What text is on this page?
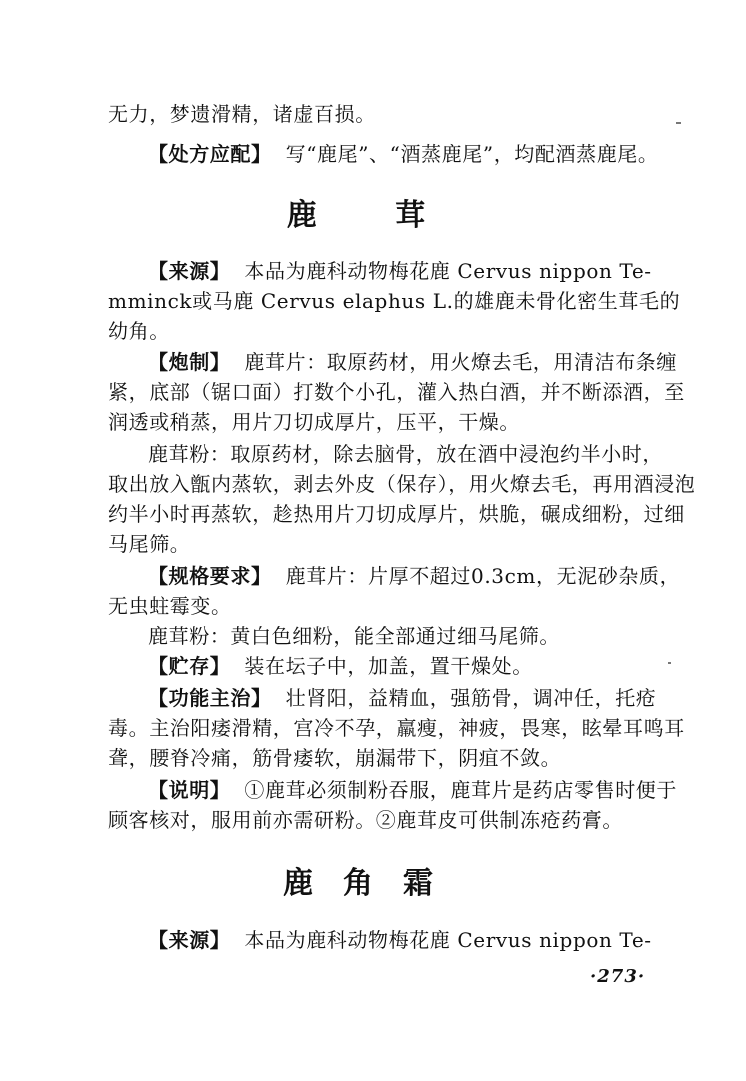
无力，梦遗滑精，诸虚百损。
【处方应配】 写“鹿尾”、“酒蒸鹿尾”，均配酒蒸鹿尾。
鹿 茸
【来源】 本品为鹿科动物梅花鹿 Cervus nippon Te-
mminck或马鹿 Cervus elaphus L.的雄鹿未骨化密生茸毛的
幼角。
【炮制】 鹿茸片：取原药材，用火燎去毛，用清洁布条缠
紧，底部（锯口面）打数个小孔，灌入热白酒，并不断添酒，至
润透或稍蒸，用片刀切成厚片，压平，干燥。
鹿茸粉：取原药材，除去脑骨，放在酒中浸泡约半小时，
取出放入甑内蒸软，剥去外皮（保存），用火燎去毛，再用酒浸泡
约半小时再蒸软，趁热用片刀切成厚片，烘脆，碾成细粉，过细
马尾筛。
【规格要求】 鹿茸片：片厚不超过0.3cm，无泥砂杂质，
无虫蛀霉变。
鹿茸粉：黄白色细粉，能全部通过细马尾筛。
【贮存】 装在坛子中，加盖，置干燥处。
【功能主治】 壮肾阳，益精血，强筋骨，调冲任，托疮
毒。主治阳痿滑精，宫冷不孕，羸瘦，神疲，畏寒，眩晕耳鸣耳
聋，腰脊冷痛，筋骨痿软，崩漏带下，阴疽不敛。
【说明】 ①鹿茸必须制粉吞服，鹿茸片是药店零售时便于
顾客核对，服用前亦需研粉。②鹿茸皮可供制冻疮药膏。
鹿角霜
【来源】 本品为鹿科动物梅花鹿 Cervus nippon Te-
·273·
